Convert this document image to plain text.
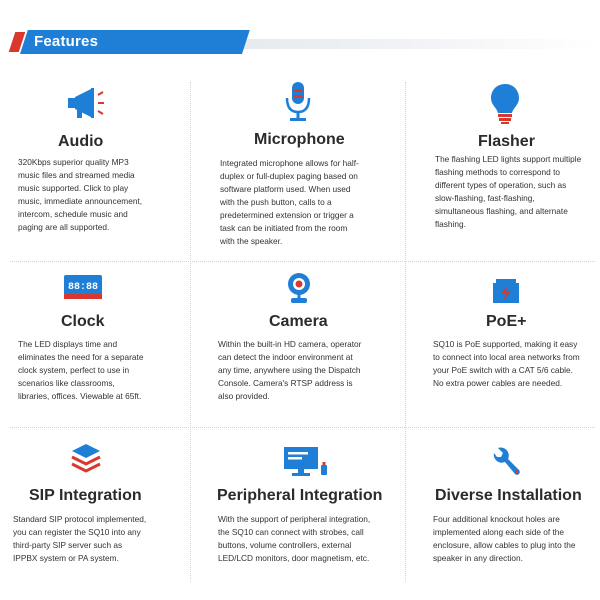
Features
Audio
320Kbps superior quality MP3
music files and streamed media
music supported. Click to play
music, immediate announcement,
intercom, schedule music and
paging are all supported.
Microphone
Integrated microphone allows for half-
duplex or full-duplex paging based on
software platform used. When used
with the push button, calls to a
predetermined extension or trigger a
task can be initiated from the room
with the speaker.
Flasher
The flashing LED lights support multiple
flashing methods to correspond to
different types of operation, such as
slow-flashing, fast-flashing,
simultaneous flashing, and alternate
flashing.
88:88
Clock
The LED displays time and
eliminates the need for a separate
clock system, perfect to use in
scenarios like classrooms,
libraries, offices. Viewable at 65ft.
Camera
Within the built-in HD camera, operator
can detect the indoor environment at
any time, anywhere using the Dispatch
Console. Camera's RTSP address is
also provided.
PoE+
SQ10 is PoE supported, making it easy
to connect into local area networks from
your PoE switch with a CAT 5/6 cable.
No extra power cables are needed.
SIP Integration
Standard SIP protocol implemented,
you can register the SQ10 into any
third-party SIP server such as
IPPBX system or PA system.
Peripheral Integration
With the support of peripheral integration,
the SQ10 can connect with strobes, call
buttons, volume controllers, external
LED/LCD monitors, door magnetism, etc.
Diverse Installation
Four additional knockout holes are
implemented along each side of the
enclosure, allow cables to plug into the
speaker in any direction.
